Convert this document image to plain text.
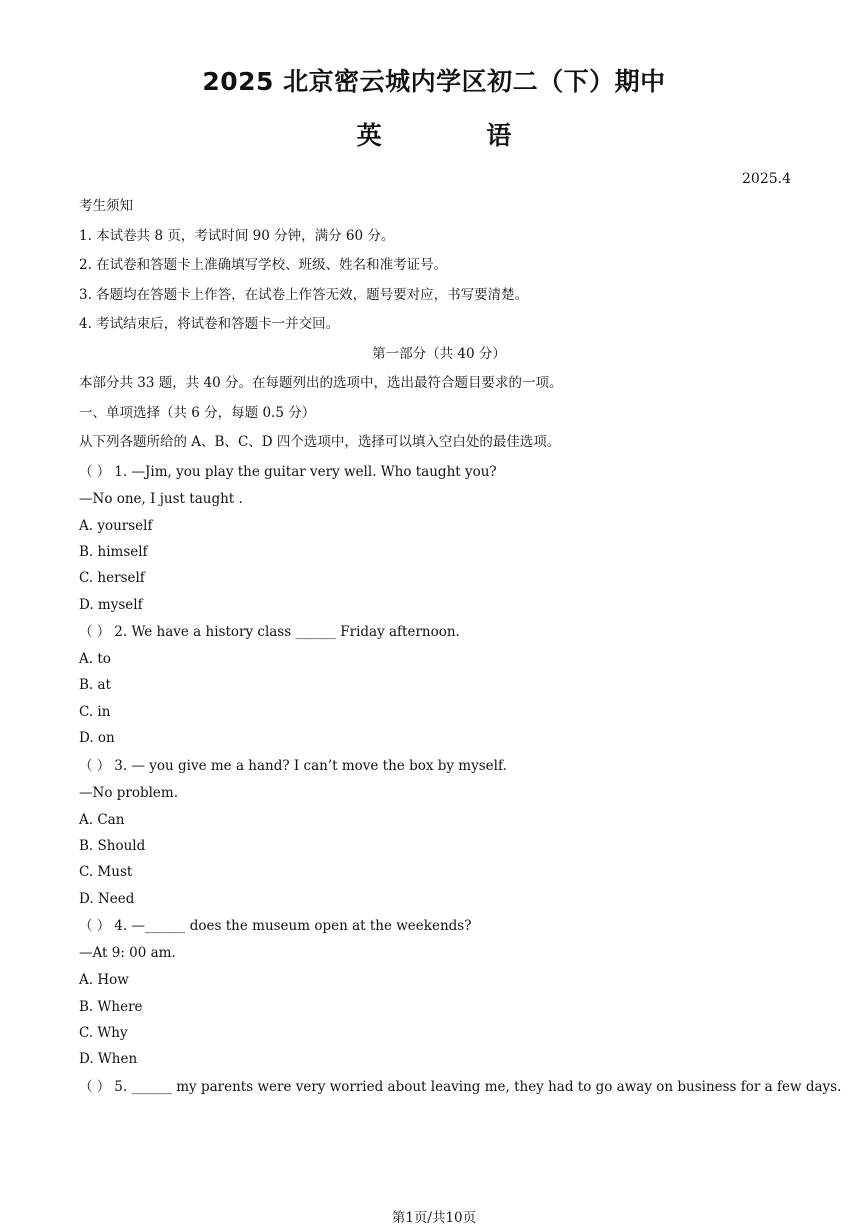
2025 北京密云城内学区初二（下）期中
英 语
2025.4
考生须知
1. 本试卷共 8 页，考试时间 90 分钟，满分 60 分。
2. 在试卷和答题卡上准确填写学校、班级、姓名和准考证号。
3. 各题均在答题卡上作答，在试卷上作答无效，题号要对应，书写要清楚。
4. 考试结束后，将试卷和答题卡一并交回。
第一部分（共 40 分）
本部分共 33 题，共 40 分。在每题列出的选项中，选出最符合题目要求的一项。
一、单项选择（共 6 分，每题 0.5 分）
从下列各题所给的 A、B、C、D 四个选项中，选择可以填入空白处的最佳选项。
（ ） 1. —Jim, you play the guitar very well. Who taught you?
—No one, I just taught .
A. yourself
B. himself
C. herself
D. myself
（ ） 2. We have a history class ______ Friday afternoon.
A. to
B. at
C. in
D. on
（ ） 3. — you give me a hand? I can’t move the box by myself.
—No problem.
A. Can
B. Should
C. Must
D. Need
（ ） 4. —______ does the museum open at the weekends?
—At 9: 00 am.
A. How
B. Where
C. Why
D. When
（ ） 5. ______ my parents were very worried about leaving me, they had to go away on business for a few days.
第1页/共10页
